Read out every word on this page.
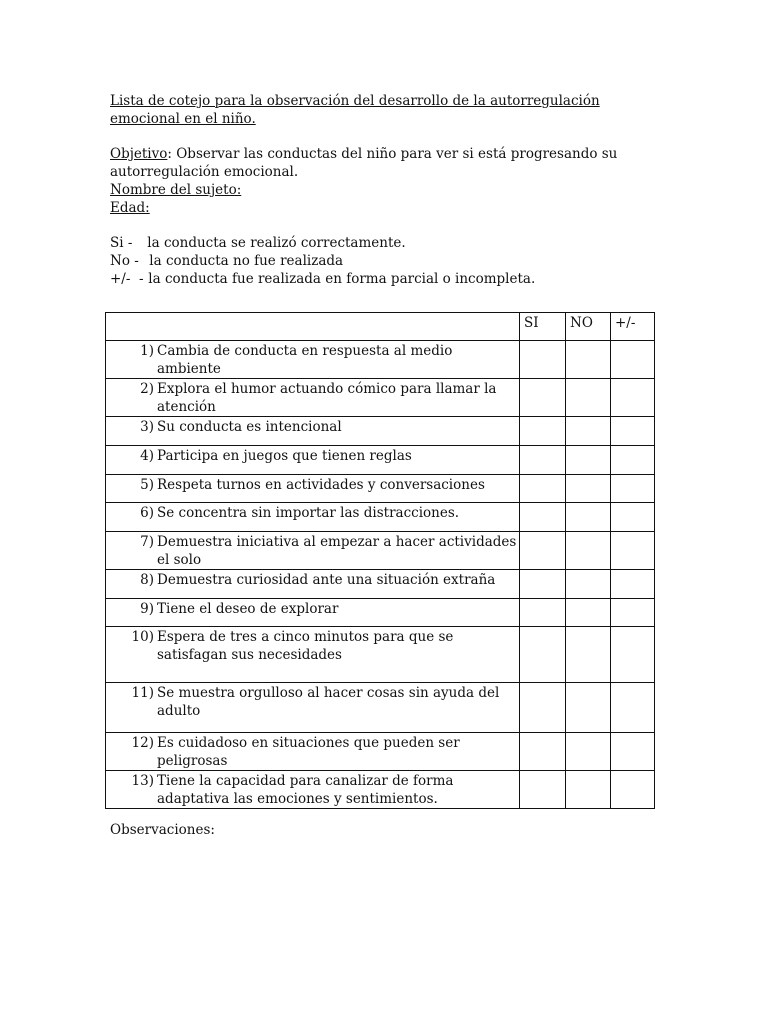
Lista de cotejo para la observación del desarrollo de la autorregulación emocional en el niño.
Objetivo: Observar las conductas del niño para ver si está progresando su autorregulación emocional.
Nombre del sujeto:
Edad:
Si - la conducta se realizó correctamente.
No - la conducta no fue realizada
+/-  - la conducta fue realizada en forma parcial o incompleta.
	SI	NO	+/-

1) Cambia de conducta en respuesta al medio ambiente			

2) Explora el humor actuando cómico para llamar la atención			

3) Su conducta es intencional			

4) Participa en juegos que tienen reglas			

5) Respeta turnos en actividades y conversaciones			

6) Se concentra sin importar las distracciones.			

7) Demuestra iniciativa al empezar a hacer actividades el solo			

8) Demuestra curiosidad ante una situación extraña			

9) Tiene el deseo de explorar			

10) Espera de tres a cinco minutos para que se satisfagan sus necesidades			

11) Se muestra orgulloso al hacer cosas sin ayuda del adulto			

12) Es cuidadoso en situaciones que pueden ser peligrosas			

13) Tiene la capacidad para canalizar de forma adaptativa las emociones y sentimientos.			

Observaciones:
